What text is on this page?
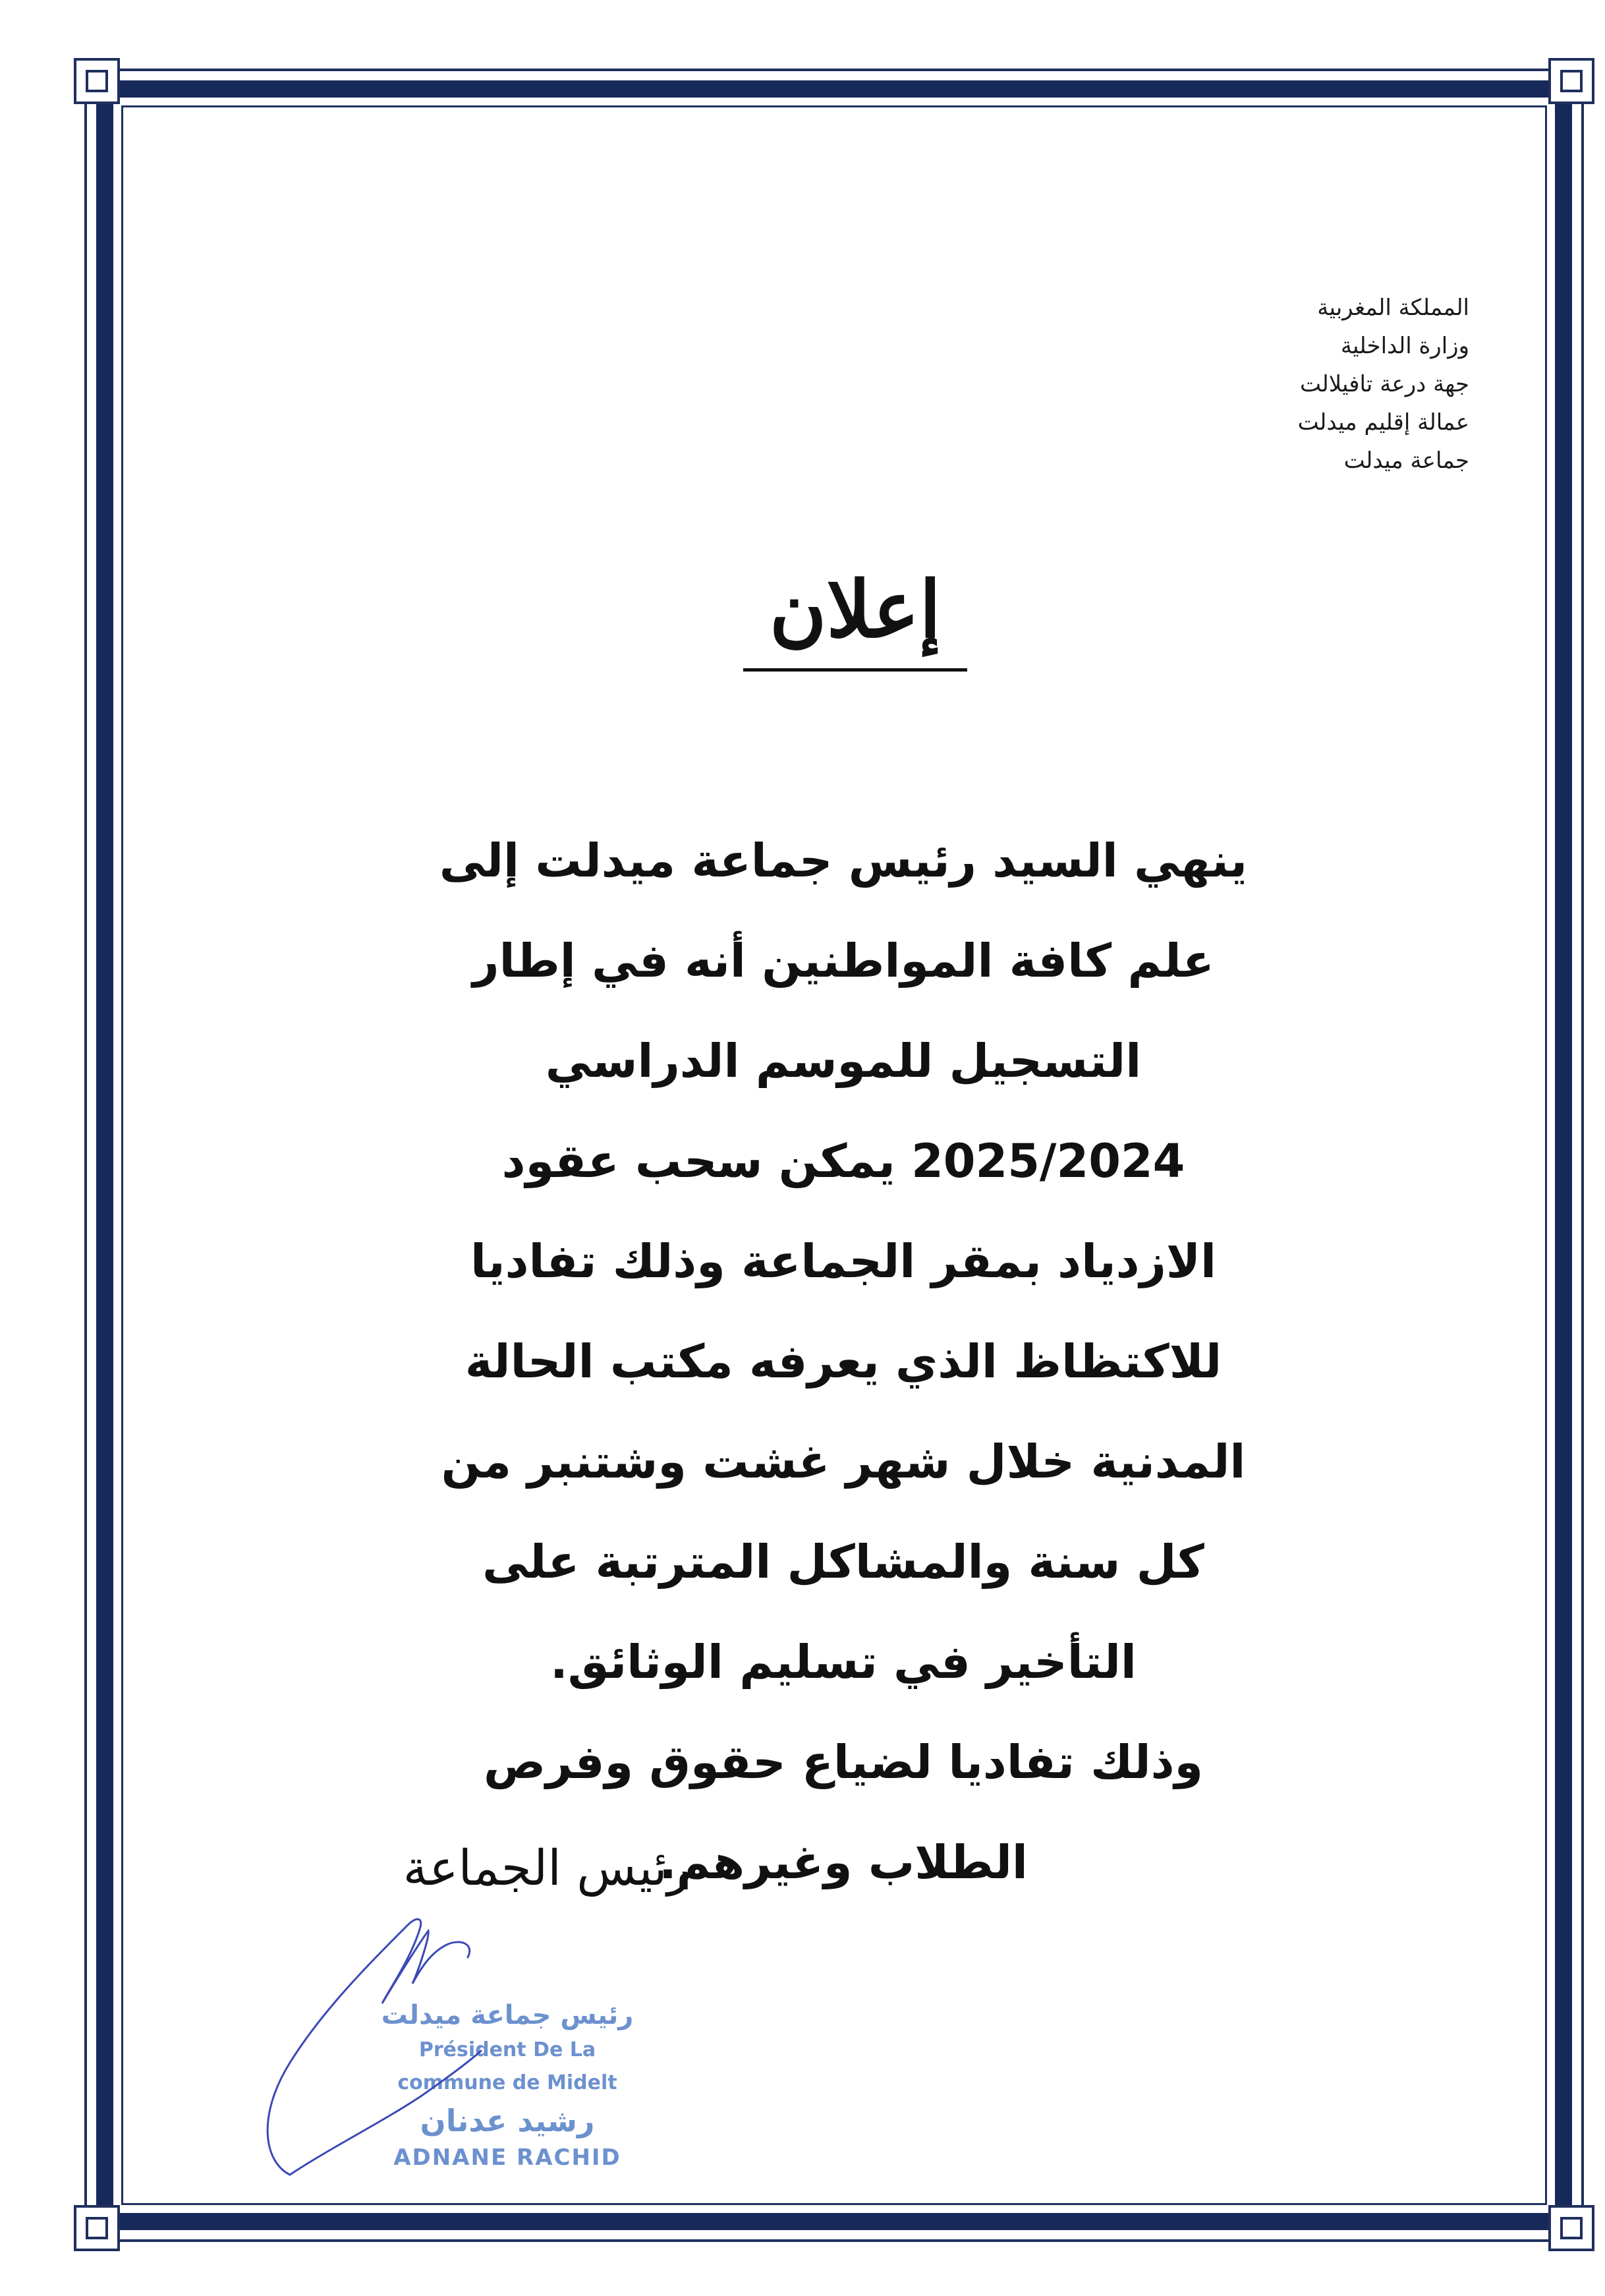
المملكة المغربية
وزارة الداخلية
جهة درعة تافيلالت
عمالة إقليم ميدلت
جماعة ميدلت
إعلان

ينهي السيد رئيس جماعة ميدلت إلى علم كافة المواطنين أنه في إطار التسجيل للموسم الدراسي 2025/2024 يمكن سحب عقود الازدياد بمقر الجماعة وذلك تفاديا للاكتظاظ الذي يعرفه مكتب الحالة المدنية خلال شهر غشت وشتنبر من كل سنة والمشاكل المترتبة على التأخير في تسليم الوثائق.

وذلك تفاديا لضياع حقوق وفرص الطلاب وغيرهم.

رئيس الجماعة
رئيس جماعة ميدلت
Président De La commune de Midelt
رشيد عدنان
ADNANE RACHID
